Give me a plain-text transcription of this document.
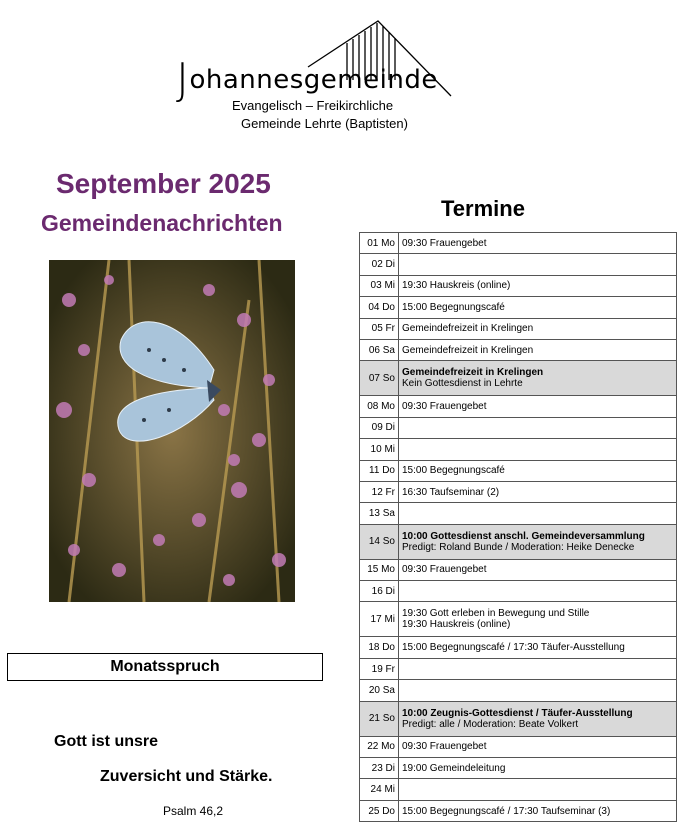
Johannesgemeinde
Evangelisch – Freikirchliche
Gemeinde Lehrte (Baptisten)
September 2025
Gemeindenachrichten
Monatsspruch
Gott ist unsre
Zuversicht und Stärke.
Psalm 46,2
Termine
01 Mo	09:30 Frauengebet
02 Di	
03 Mi	19:30 Hauskreis (online)
04 Do	15:00 Begegnungscafé
05 Fr	Gemeindefreizeit in Krelingen
06 Sa	Gemeindefreizeit in Krelingen
07 So	Gemeindefreizeit in Krelingen
Kein Gottesdienst in Lehrte

08 Mo	09:30 Frauengebet
09 Di	
10 Mi	
11 Do	15:00 Begegnungscafé
12 Fr	16:30 Taufseminar (2)
13 Sa	
14 So	10:00 Gottesdienst anschl. Gemeindeversammlung
Predigt: Roland Bunde / Moderation: Heike Denecke

15 Mo	09:30 Frauengebet
16 Di	
17 Mi	19:30 Gott erleben in Bewegung und Stille
19:30 Hauskreis (online)

18 Do	15:00 Begegnungscafé / 17:30 Täufer-Ausstellung
19 Fr	
20 Sa	
21 So	10:00 Zeugnis-Gottesdienst / Täufer-Ausstellung
Predigt: alle / Moderation: Beate Volkert

22 Mo	09:30 Frauengebet
23 Di	19:00 Gemeindeleitung
24 Mi	
25 Do	15:00 Begegnungscafé / 17:30 Taufseminar (3)
